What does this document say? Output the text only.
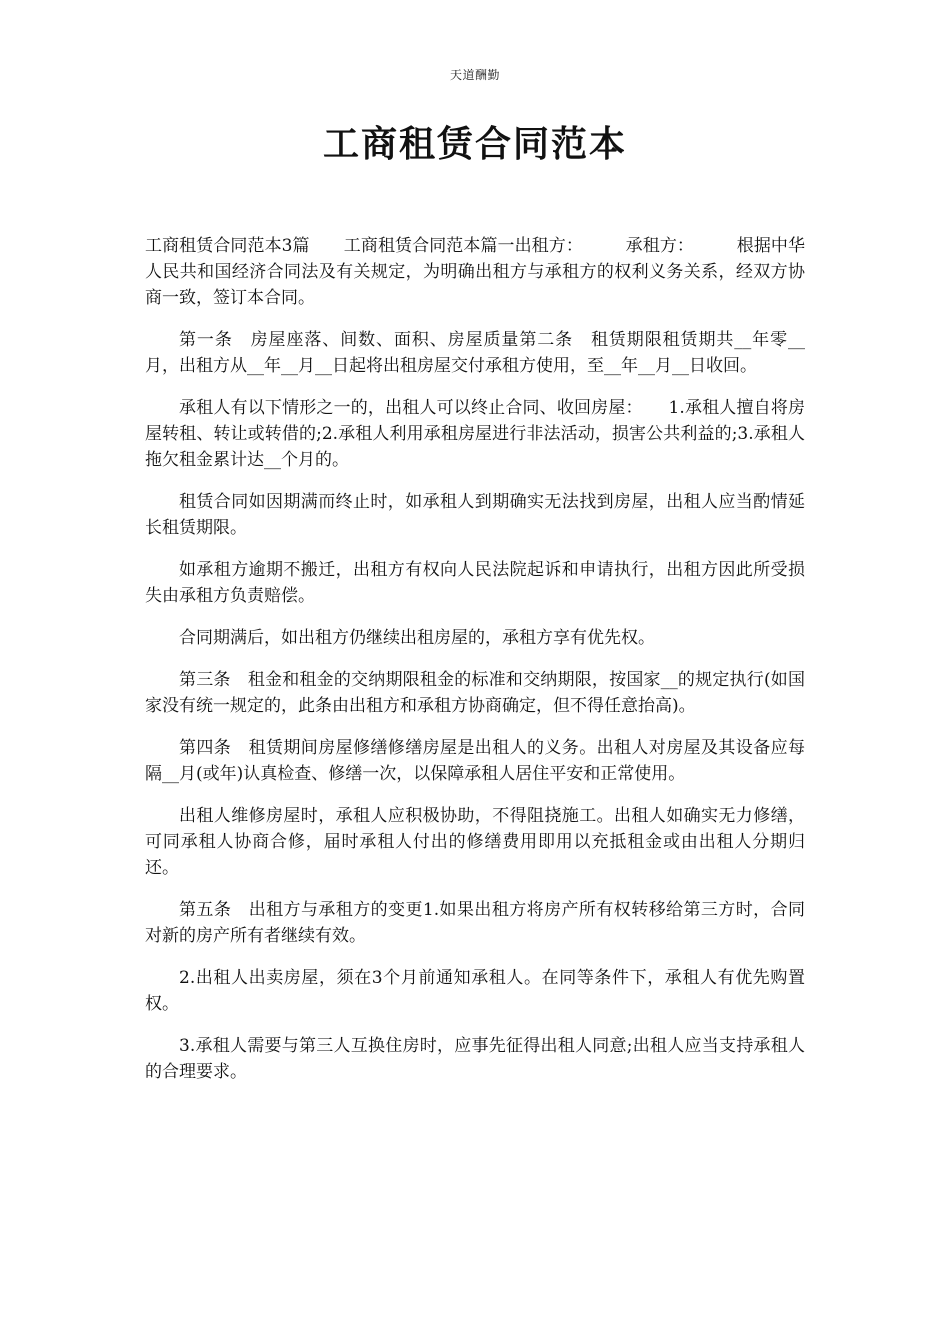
天道酬勤
工商租赁合同范本

工商租赁合同范本3篇　　工商租赁合同范本篇一出租方：　　　承租方：　　　根据中华人民共和国经济合同法及有关规定，为明确出租方与承租方的权利义务关系，经双方协商一致，签订本合同。

第一条　房屋座落、间数、面积、房屋质量第二条　租赁期限租赁期共__年零__月，出租方从__年__月__日起将出租房屋交付承租方使用，至__年__月__日收回。

承租人有以下情形之一的，出租人可以终止合同、收回房屋：　　1.承租人擅自将房屋转租、转让或转借的;2.承租人利用承租房屋进行非法活动，损害公共利益的;3.承租人拖欠租金累计达__个月的。

租赁合同如因期满而终止时，如承租人到期确实无法找到房屋，出租人应当酌情延长租赁期限。

如承租方逾期不搬迁，出租方有权向人民法院起诉和申请执行，出租方因此所受损失由承租方负责赔偿。

合同期满后，如出租方仍继续出租房屋的，承租方享有优先权。

第三条　租金和租金的交纳期限租金的标准和交纳期限，按国家__的规定执行(如国家没有统一规定的，此条由出租方和承租方协商确定，但不得任意抬高)。

第四条　租赁期间房屋修缮修缮房屋是出租人的义务。出租人对房屋及其设备应每隔__月(或年)认真检查、修缮一次，以保障承租人居住平安和正常使用。

出租人维修房屋时，承租人应积极协助，不得阻挠施工。出租人如确实无力修缮，可同承租人协商合修，届时承租人付出的修缮费用即用以充抵租金或由出租人分期归还。

第五条　出租方与承租方的变更1.如果出租方将房产所有权转移给第三方时，合同对新的房产所有者继续有效。

2.出租人出卖房屋，须在3个月前通知承租人。在同等条件下，承租人有优先购置权。

3.承租人需要与第三人互换住房时，应事先征得出租人同意;出租人应当支持承租人的合理要求。
